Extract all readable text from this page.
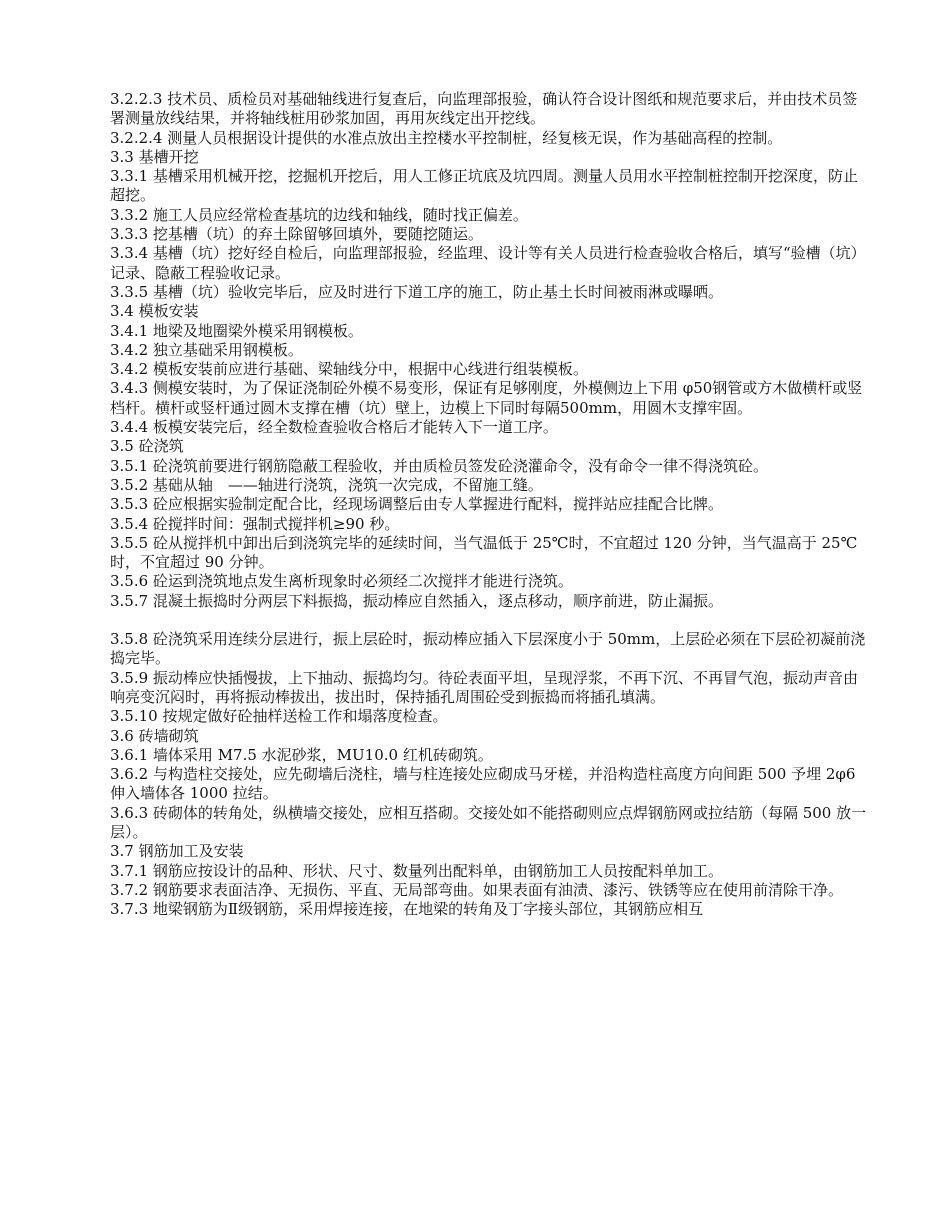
3.2.2.3 技术员、质检员对基础轴线进行复查后，向监理部报验，确认符合设计图纸和规范要求后，并由技术员签署测量放线结果，并将轴线桩用砂浆加固，再用灰线定出开挖线。

3.2.2.4 测量人员根据设计提供的水准点放出主控楼水平控制桩，经复核无误，作为基础高程的控制。

3.3 基槽开挖

3.3.1 基槽采用机械开挖，挖掘机开挖后，用人工修正坑底及坑四周。测量人员用水平控制桩控制开挖深度，防止超挖。

3.3.2 施工人员应经常检查基坑的边线和轴线，随时找正偏差。

3.3.3 挖基槽（坑）的弃土除留够回填外，要随挖随运。

3.3.4 基槽（坑）挖好经自检后，向监理部报验，经监理、设计等有关人员进行检查验收合格后，填写“验槽（坑）记录、隐蔽工程验收记录。

3.3.5 基槽（坑）验收完毕后，应及时进行下道工序的施工，防止基土长时间被雨淋或曝晒。

3.4 模板安装

3.4.1 地梁及地圈梁外模采用钢模板。

3.4.2 独立基础采用钢模板。

3.4.2 模板安装前应进行基础、梁轴线分中，根据中心线进行组装模板。

3.4.3 侧模安装时，为了保证浇制砼外模不易变形，保证有足够刚度，外模侧边上下用 φ50钢管或方木做横杆或竖档杆。横杆或竖杆通过圆木支撑在槽（坑）壁上，边模上下同时每隔500mm，用圆木支撑牢固。

3.4.4 板模安装完后，经全数检查验收合格后才能转入下一道工序。

3.5 砼浇筑

3.5.1 砼浇筑前要进行钢筋隐蔽工程验收，并由质检员签发砼浇灌命令，没有命令一律不得浇筑砼。

3.5.2 基础从轴　——轴进行浇筑，浇筑一次完成，不留施工缝。

3.5.3 砼应根据实验制定配合比，经现场调整后由专人掌握进行配料，搅拌站应挂配合比牌。

3.5.4 砼搅拌时间：强制式搅拌机≥90 秒。

3.5.5 砼从搅拌机中卸出后到浇筑完毕的延续时间，当气温低于 25℃时，不宜超过 120 分钟，当气温高于 25℃时，不宜超过 90 分钟。

3.5.6 砼运到浇筑地点发生离析现象时必须经二次搅拌才能进行浇筑。

3.5.7 混凝土振捣时分两层下料振捣，振动棒应自然插入，逐点移动，顺序前进，防止漏振。

3.5.8 砼浇筑采用连续分层进行，振上层砼时，振动棒应插入下层深度小于 50mm，上层砼必须在下层砼初凝前浇捣完毕。

3.5.9 振动棒应快插慢拔，上下抽动、振捣均匀。待砼表面平坦，呈现浮浆，不再下沉、不再冒气泡，振动声音由响亮变沉闷时，再将振动棒拔出，拔出时，保持插孔周围砼受到振捣而将插孔填满。

3.5.10 按规定做好砼抽样送检工作和塌落度检查。

3.6 砖墙砌筑

3.6.1 墙体采用 M7.5 水泥砂浆，MU10.0 红机砖砌筑。

3.6.2 与构造柱交接处，应先砌墙后浇柱，墙与柱连接处应砌成马牙槎，并沿构造柱高度方向间距 500 予埋 2φ6 伸入墙体各 1000 拉结。

3.6.3 砖砌体的转角处，纵横墙交接处，应相互搭砌。交接处如不能搭砌则应点焊钢筋网或拉结筋（每隔 500 放一层）。

3.7 钢筋加工及安装

3.7.1 钢筋应按设计的品种、形状、尺寸、数量列出配料单，由钢筋加工人员按配料单加工。

3.7.2 钢筋要求表面洁净、无损伤、平直、无局部弯曲。如果表面有油渍、漆污、铁锈等应在使用前清除干净。

3.7.3 地梁钢筋为Ⅱ级钢筋，采用焊接连接，在地梁的转角及丁字接头部位，其钢筋应相互
